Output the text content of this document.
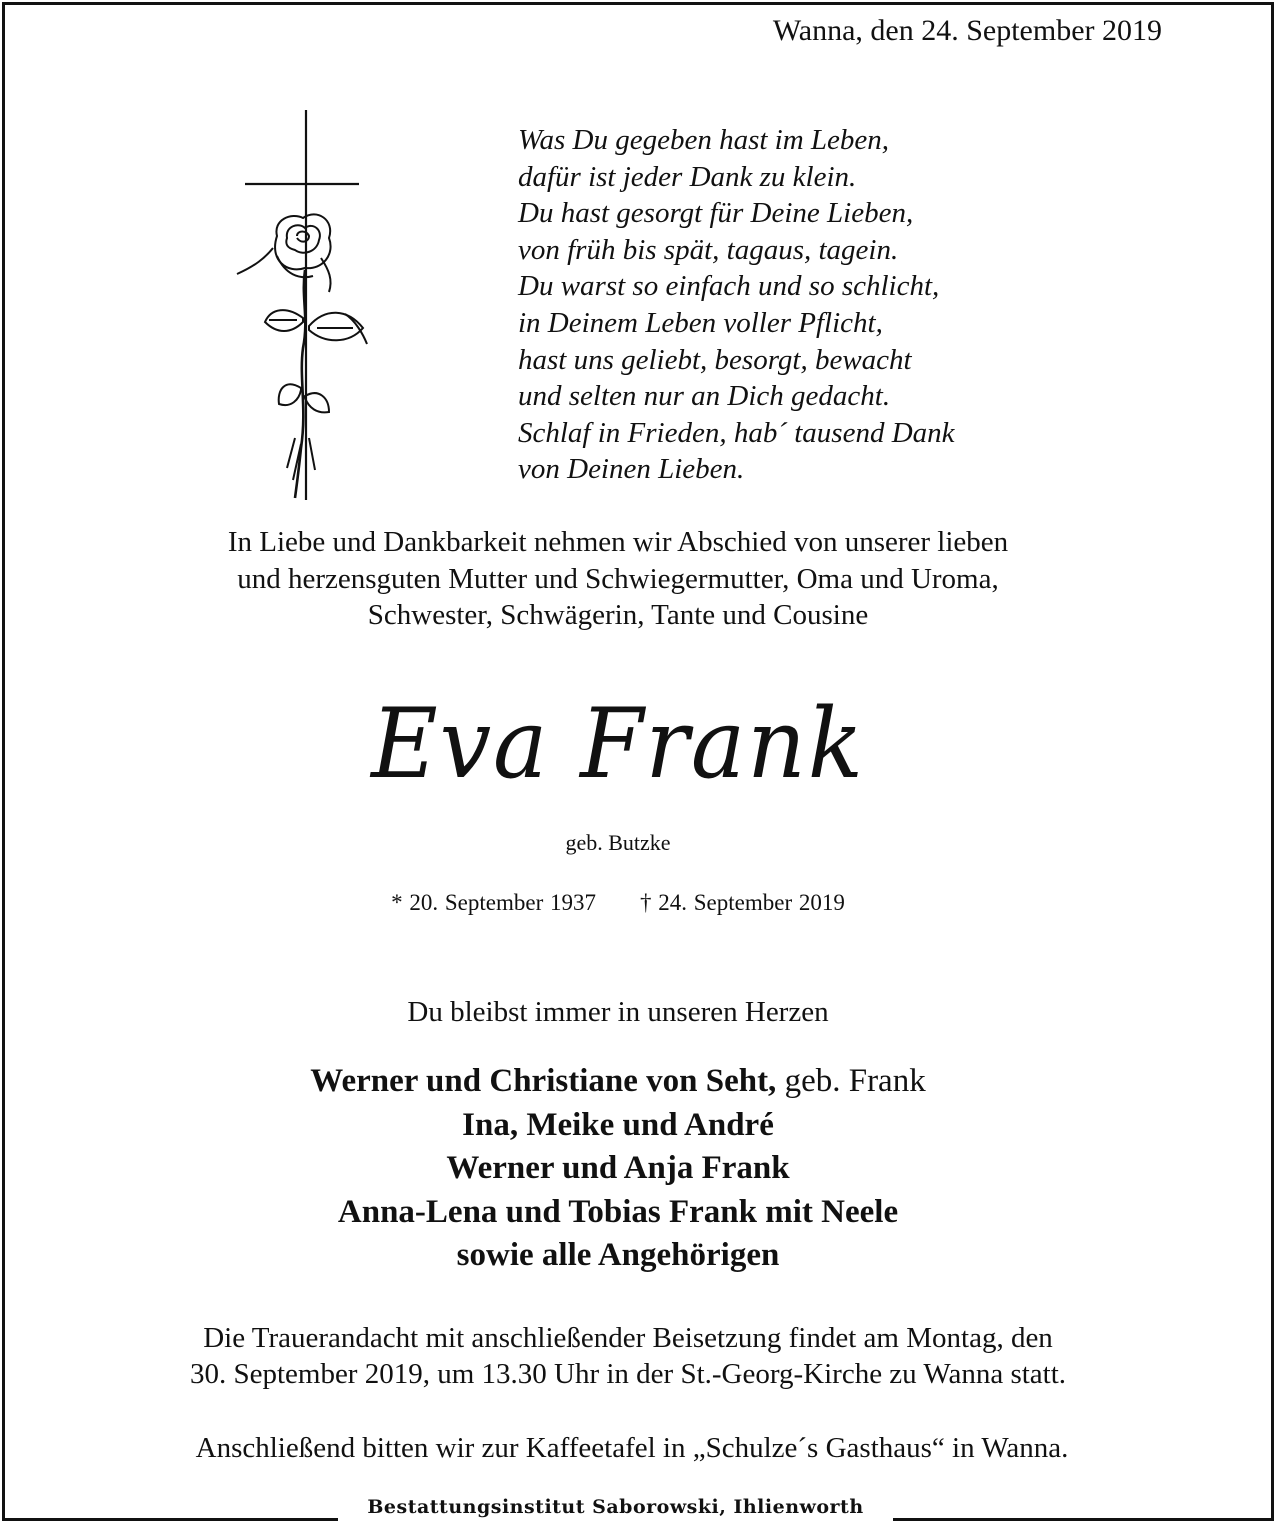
Wanna, den 24. September 2019
Was Du gegeben hast im Leben,
dafür ist jeder Dank zu klein.
Du hast gesorgt für Deine Lieben,
von früh bis spät, tagaus, tagein.
Du warst so einfach und so schlicht,
in Deinem Leben voller Pflicht,
hast uns geliebt, besorgt, bewacht
und selten nur an Dich gedacht.
Schlaf in Frieden, hab´ tausend Dank
von Deinen Lieben.
In Liebe und Dankbarkeit nehmen wir Abschied von unserer lieben
und herzensguten Mutter und Schwiegermutter, Oma und Uroma,
Schwester, Schwägerin, Tante und Cousine
Eva Frank
geb. Butzke
* 20. September 1937 † 24. September 2019
Du bleibst immer in unseren Herzen
Werner und Christiane von Seht, geb. Frank
Ina, Meike und André
Werner und Anja Frank
Anna-Lena und Tobias Frank mit Neele
sowie alle Angehörigen
Die Trauerandacht mit anschließender Beisetzung findet am Montag, den
30. September 2019, um 13.30 Uhr in der St.-Georg-Kirche zu Wanna statt.
Anschließend bitten wir zur Kaffeetafel in „Schulze´s Gasthaus“ in Wanna.
Bestattungsinstitut Saborowski, Ihlienworth
